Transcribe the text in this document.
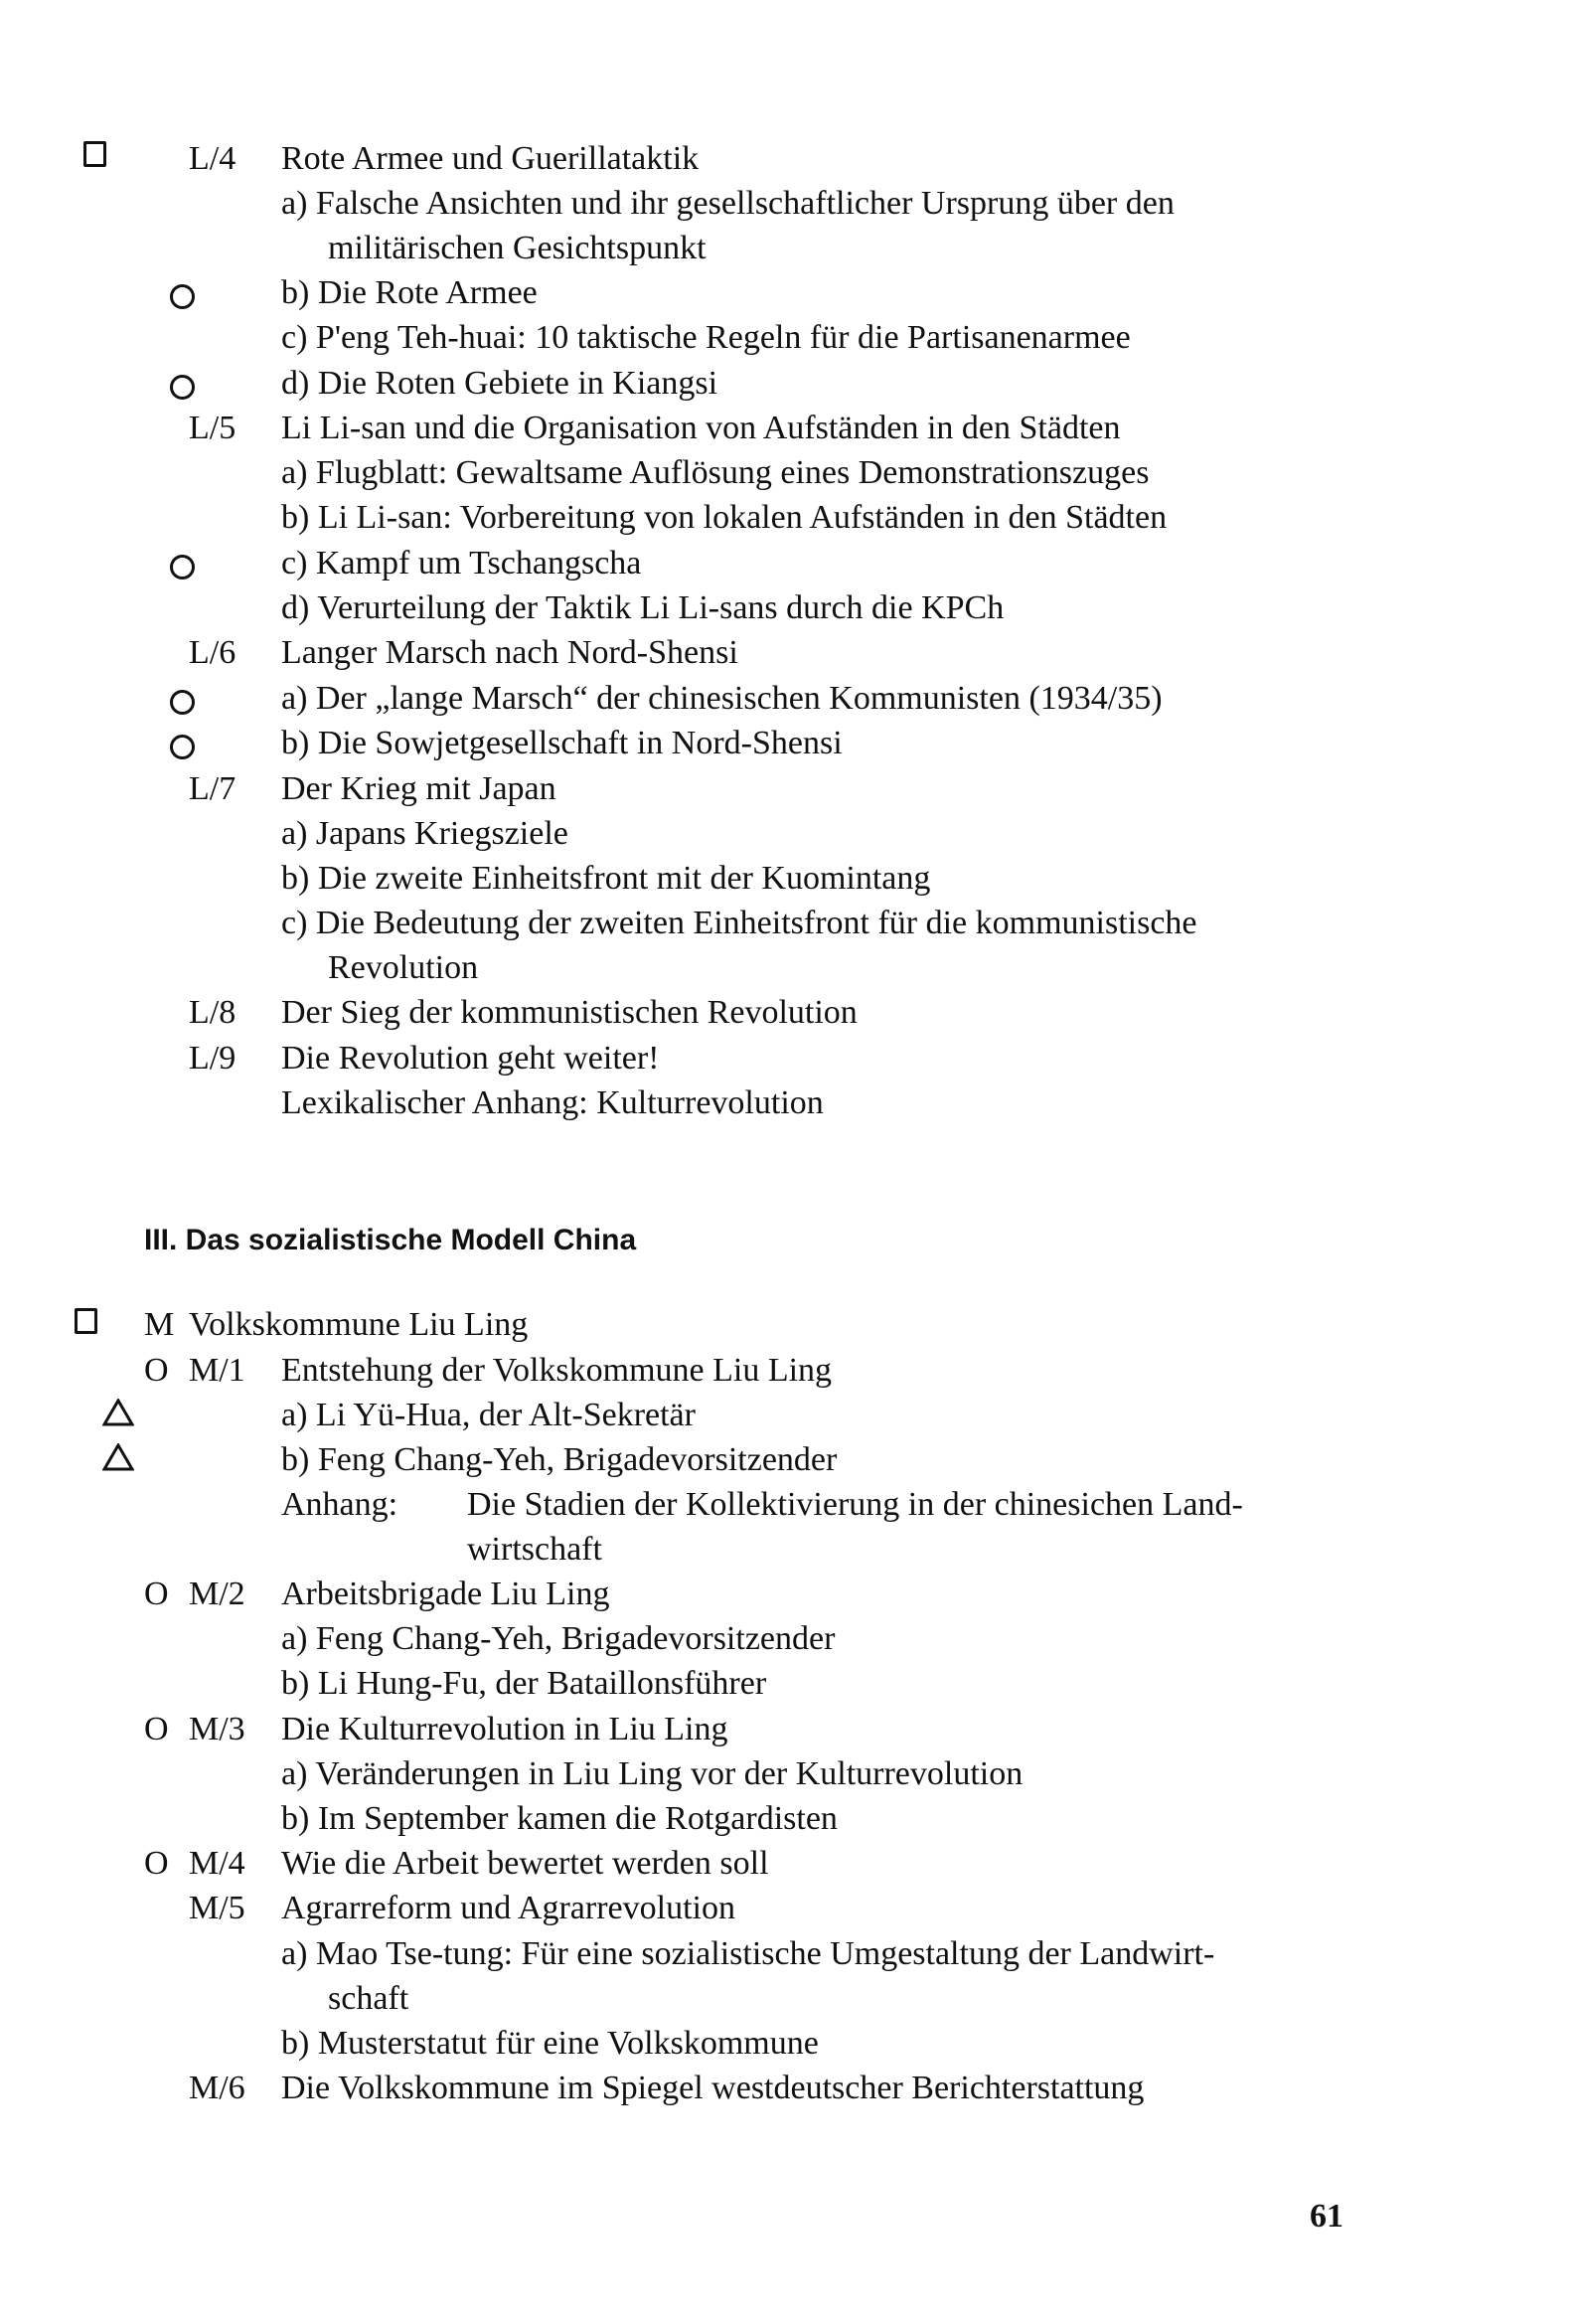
L/4 Rote Armee und Guerillataktik
a) Falsche Ansichten und ihr gesellschaftlicher Ursprung über den
militärischen Gesichtspunkt
b) Die Rote Armee
c) P'eng Teh-huai: 10 taktische Regeln für die Partisanenarmee
d) Die Roten Gebiete in Kiangsi
L/5 Li Li-san und die Organisation von Aufständen in den Städten
a) Flugblatt: Gewaltsame Auflösung eines Demonstrationszuges
b) Li Li-san: Vorbereitung von lokalen Aufständen in den Städten
c) Kampf um Tschangscha
d) Verurteilung der Taktik Li Li-sans durch die KPCh
L/6 Langer Marsch nach Nord-Shensi
a) Der „lange Marsch“ der chinesischen Kommunisten (1934/35)
b) Die Sowjetgesellschaft in Nord-Shensi
L/7 Der Krieg mit Japan
a) Japans Kriegsziele
b) Die zweite Einheitsfront mit der Kuomintang
c) Die Bedeutung der zweiten Einheitsfront für die kommunistische
Revolution
L/8 Der Sieg der kommunistischen Revolution
L/9 Die Revolution geht weiter!
Lexikalischer Anhang: Kulturrevolution
III. Das sozialistische Modell China
M Volkskommune Liu Ling
O M/1 Entstehung der Volkskommune Liu Ling
a) Li Yü-Hua, der Alt-Sekretär
b) Feng Chang-Yeh, Brigadevorsitzender
Anhang: Die Stadien der Kollektivierung in der chinesichen Land-
wirtschaft
O M/2 Arbeitsbrigade Liu Ling
a) Feng Chang-Yeh, Brigadevorsitzender
b) Li Hung-Fu, der Bataillonsführer
O M/3 Die Kulturrevolution in Liu Ling
a) Veränderungen in Liu Ling vor der Kulturrevolution
b) Im September kamen die Rotgardisten
O M/4 Wie die Arbeit bewertet werden soll
M/5 Agrarreform und Agrarrevolution
a) Mao Tse-tung: Für eine sozialistische Umgestaltung der Landwirt-
schaft
b) Musterstatut für eine Volkskommune
M/6 Die Volkskommune im Spiegel westdeutscher Berichterstattung
61
